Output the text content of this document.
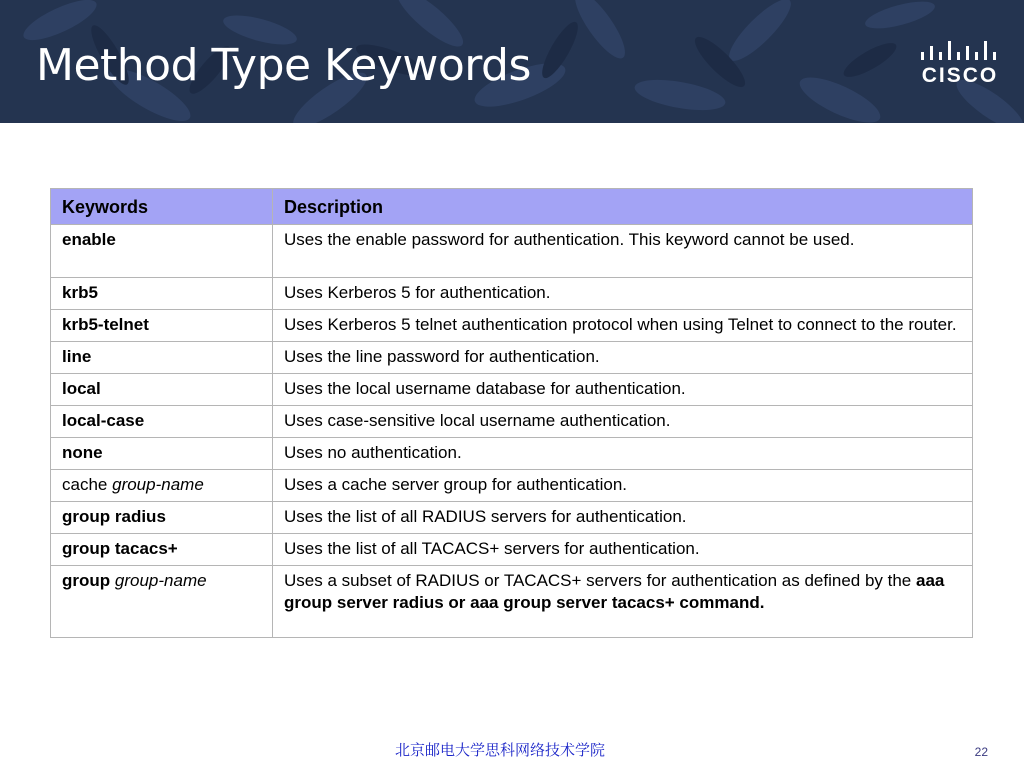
Method Type Keywords	CISCO
Keywords	Description
enable	Uses the enable password for authentication. This keyword cannot be used.
krb5	Uses Kerberos 5 for authentication.
krb5-telnet	Uses Kerberos 5 telnet authentication protocol when using Telnet to connect to the router.
line	Uses the line password for authentication.
local	Uses the local username database for authentication.
local-case	Uses case-sensitive local username authentication.
none	Uses no authentication.
cache group-name	Uses a cache server group for authentication.
group radius	Uses the list of all RADIUS servers for authentication.
group tacacs+	Uses the list of all TACACS+ servers for authentication.
group group-name	Uses a subset of RADIUS or TACACS+ servers for authentication as defined by the aaa group server radius or aaa group server tacacs+ command.
北京邮电大学思科网络技术学院	22
